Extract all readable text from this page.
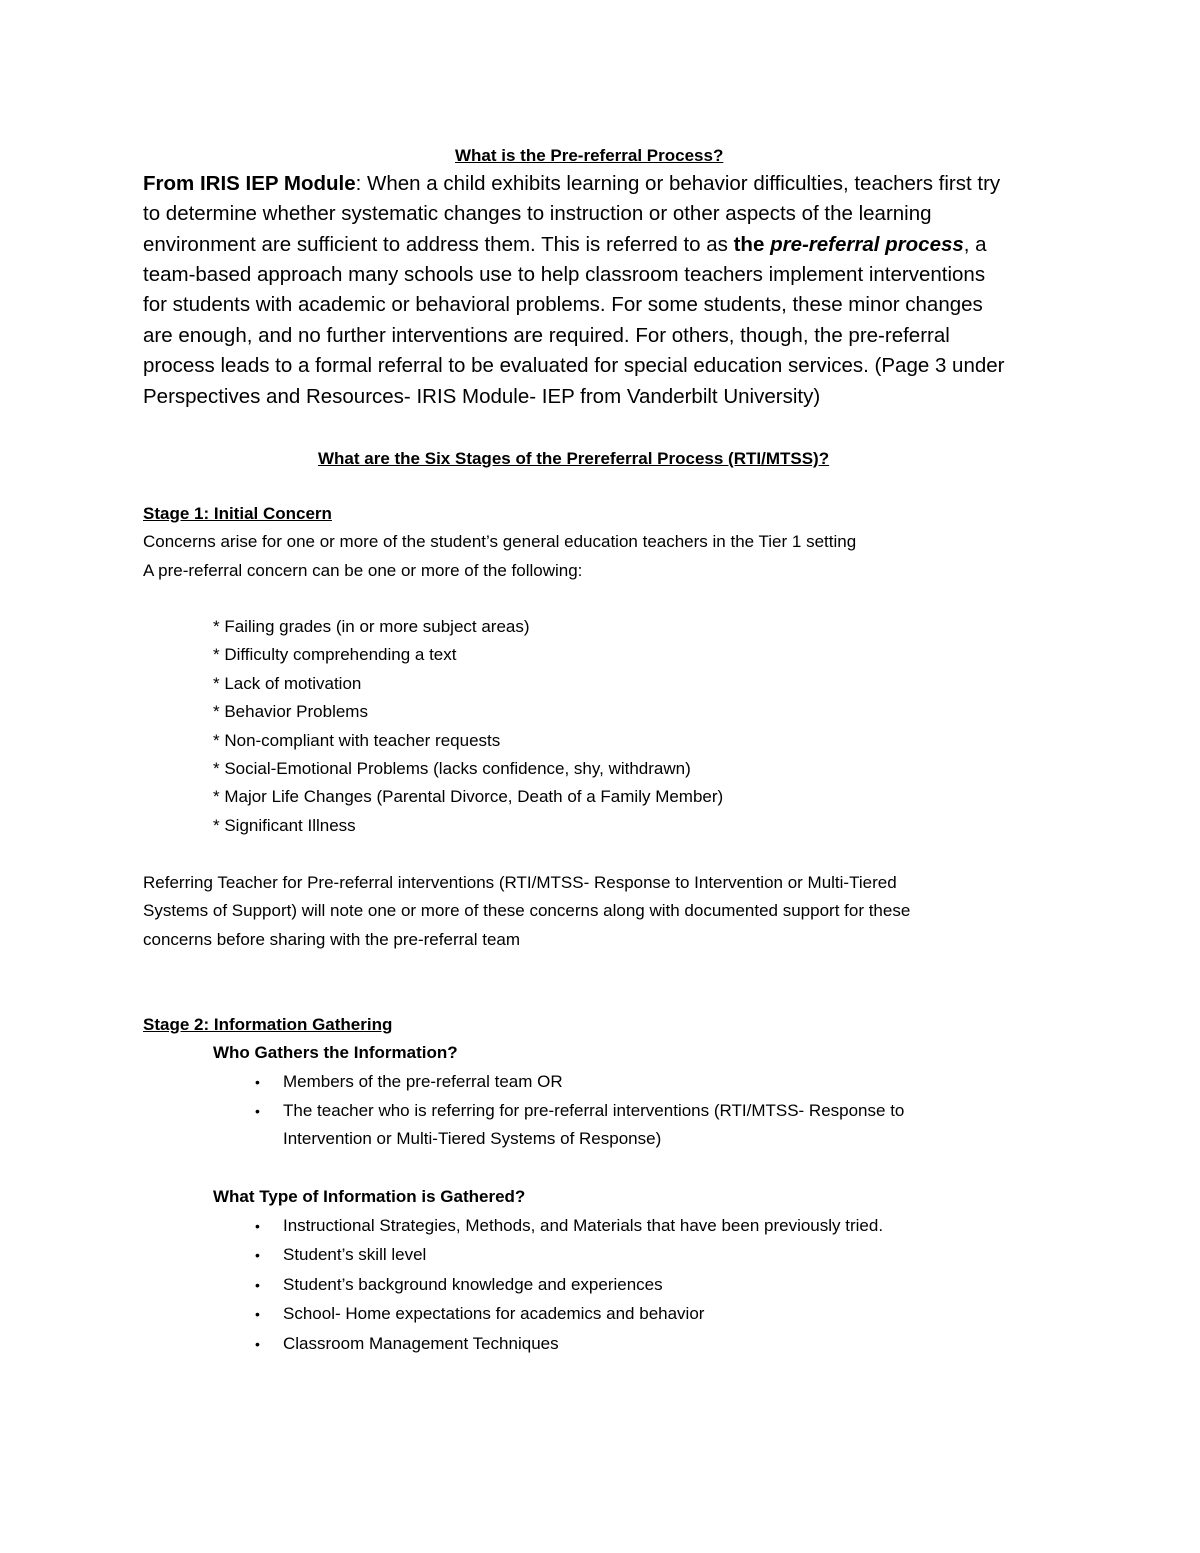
What is the Pre-referral Process?
From IRIS IEP Module: When a child exhibits learning or behavior difficulties, teachers first try
to determine whether systematic changes to instruction or other aspects of the learning
environment are sufficient to address them. This is referred to as the pre-referral process, a
team-based approach many schools use to help classroom teachers implement interventions
for students with academic or behavioral problems. For some students, these minor changes
are enough, and no further interventions are required. For others, though, the pre-referral
process leads to a formal referral to be evaluated for special education services. (Page 3 under
Perspectives and Resources- IRIS Module- IEP from Vanderbilt University)
What are the Six Stages of the Prereferral Process (RTI/MTSS)?
Stage 1: Initial Concern
Concerns arise for one or more of the student’s general education teachers in the Tier 1 setting
A pre-referral concern can be one or more of the following:
* Failing grades (in or more subject areas)
* Difficulty comprehending a text
* Lack of motivation
* Behavior Problems
* Non-compliant with teacher requests
* Social-Emotional Problems (lacks confidence, shy, withdrawn)
* Major Life Changes (Parental Divorce, Death of a Family Member)
* Significant Illness
Referring Teacher for Pre-referral interventions (RTI/MTSS- Response to Intervention or Multi-Tiered
Systems of Support) will note one or more of these concerns along with documented support for these
concerns before sharing with the pre-referral team
Stage 2: Information Gathering
Who Gathers the Information?
• Members of the pre-referral team OR
• The teacher who is referring for pre-referral interventions (RTI/MTSS- Response to
Intervention or Multi-Tiered Systems of Response)
What Type of Information is Gathered?
• Instructional Strategies, Methods, and Materials that have been previously tried.
• Student’s skill level
• Student’s background knowledge and experiences
• School- Home expectations for academics and behavior
• Classroom Management Techniques
